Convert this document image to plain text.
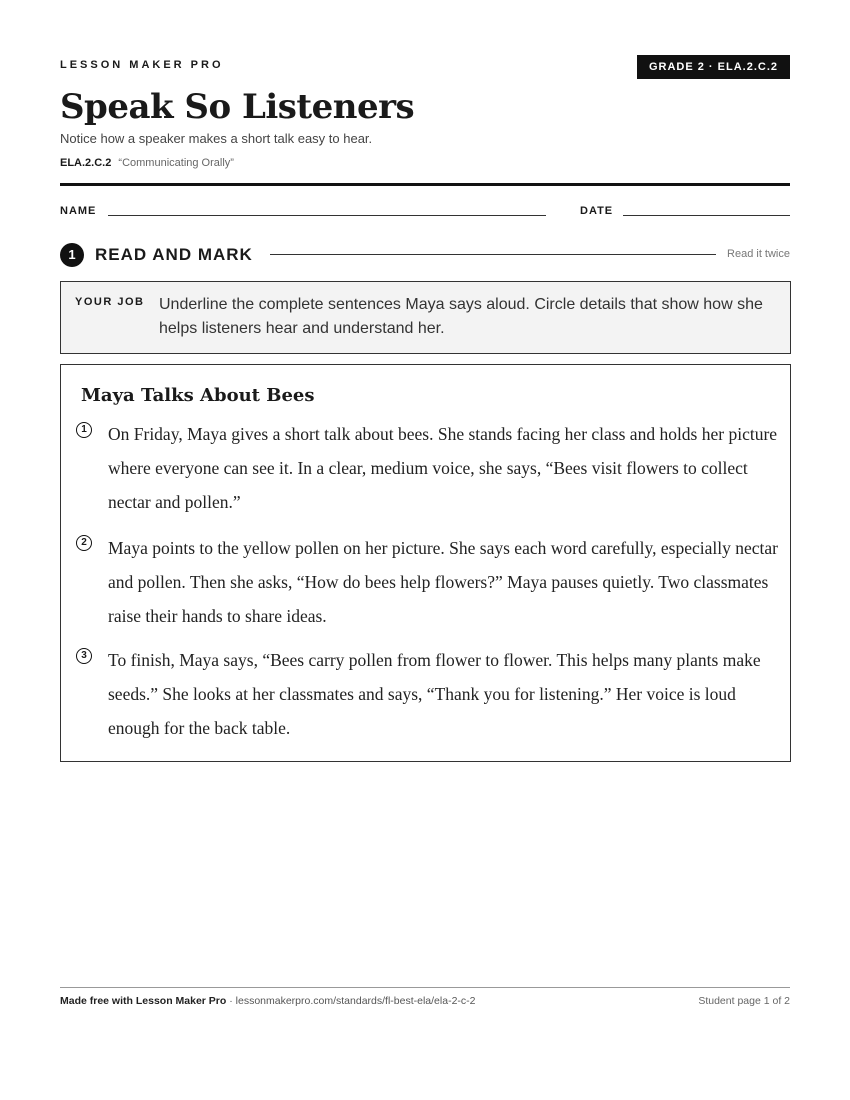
LESSON MAKER PRO	GRADE 2 · ELA.2.C.2
Speak So Listeners
Notice how a speaker makes a short talk easy to hear.
ELA.2.C.2 “Communicating Orally”
NAME	DATE
1	READ AND MARK	Read it twice
YOUR JOB Underline the complete sentences Maya says aloud. Circle details that show how she helps listeners hear and understand her.
Maya Talks About Bees
1 On Friday, Maya gives a short talk about bees. She stands facing her class and holds her picture where everyone can see it. In a clear, medium voice, she says, “Bees visit flowers to collect nectar and pollen.”
2 Maya points to the yellow pollen on her picture. She says each word carefully, especially nectar and pollen. Then she asks, “How do bees help flowers?” Maya pauses quietly. Two classmates raise their hands to share ideas.
3 To finish, Maya says, “Bees carry pollen from flower to flower. This helps many plants make seeds.” She looks at her classmates and says, “Thank you for listening.” Her voice is loud enough for the back table.
Made free with Lesson Maker Pro · lessonmakerpro.com/standards/fl-best-ela/ela-2-c-2	Student page 1 of 2
